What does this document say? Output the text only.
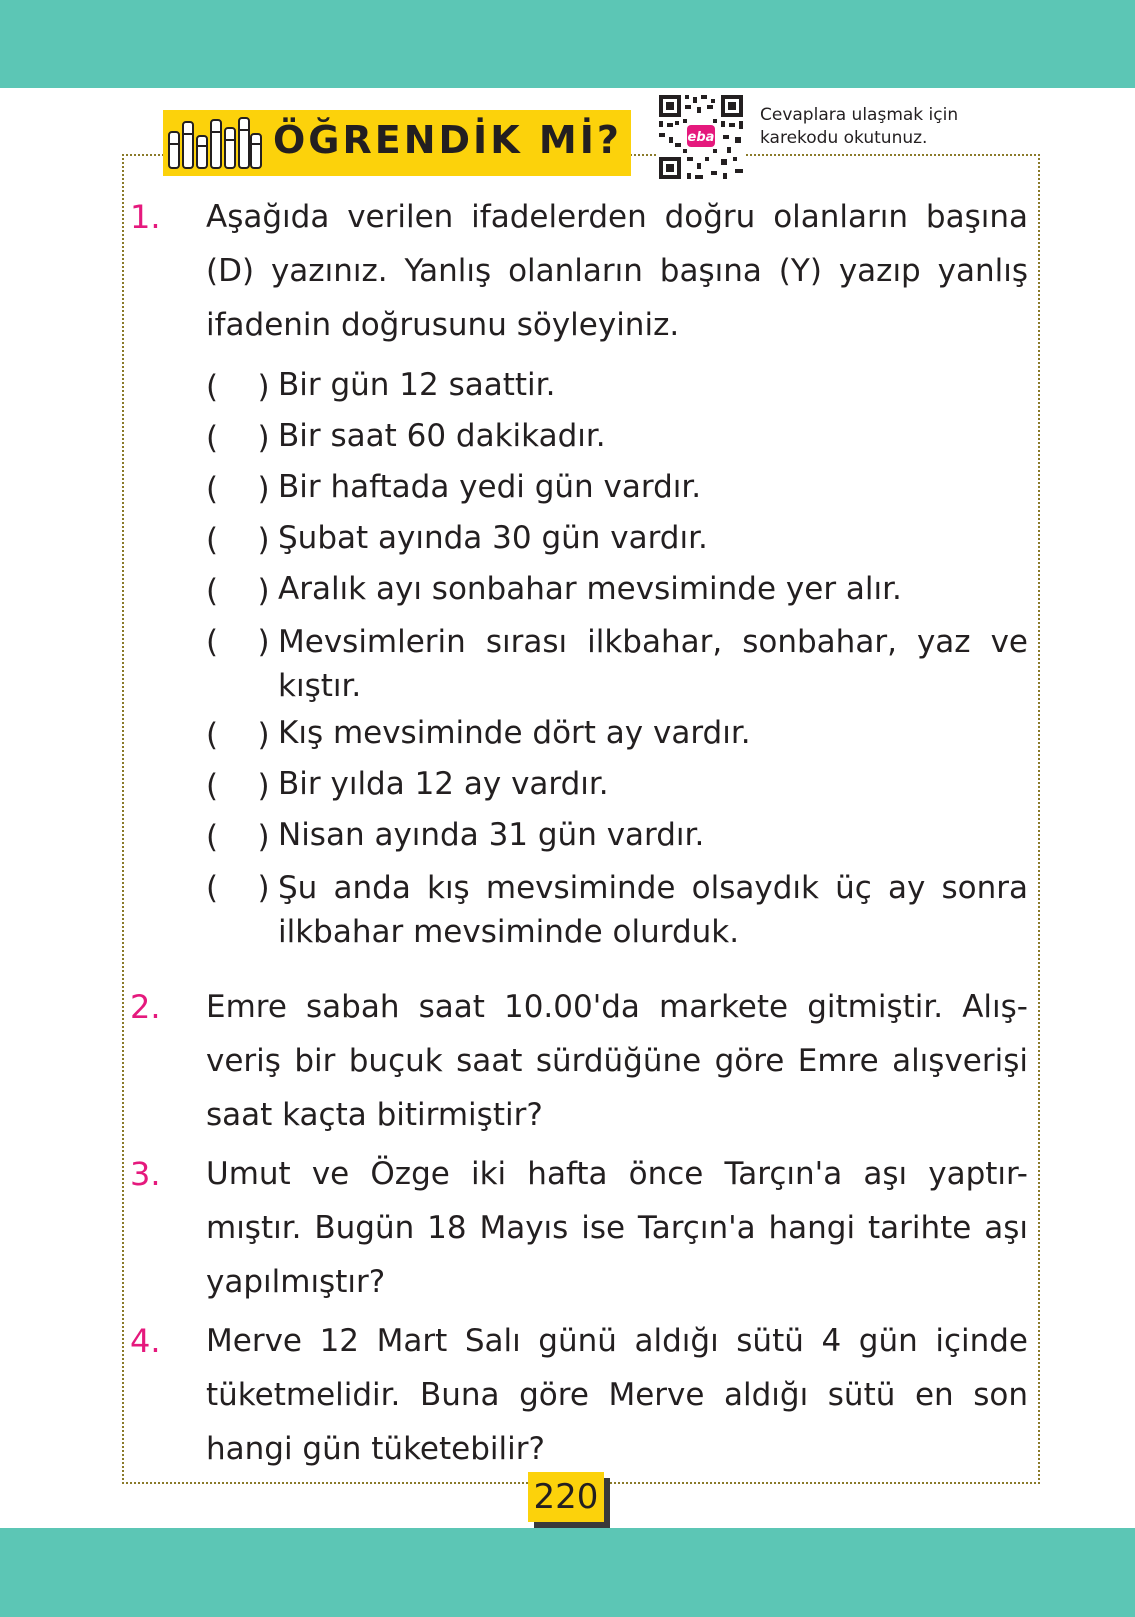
ÖĞRENDİK Mİ?	eba
Cevaplara ulaşmak için
karekodu okutunuz.
1.	Aşağıda verilen ifadelerden doğru olanların başına
(D) yazınız. Yanlış olanların başına (Y) yazıp yanlış
ifadenin doğrusunu söyleyiniz.
(    ) Bir gün 12 saattir.
(    ) Bir saat 60 dakikadır.
(    ) Bir haftada yedi gün vardır.
(    ) Şubat ayında 30 gün vardır.
(    ) Aralık ayı sonbahar mevsiminde yer alır.
(    ) Mevsimlerin sırası ilkbahar, sonbahar, yaz ve
kıştır.
(    ) Kış mevsiminde dört ay vardır.
(    ) Bir yılda 12 ay vardır.
(    ) Nisan ayında 31 gün vardır.
(    ) Şu anda kış mevsiminde olsaydık üç ay sonra
ilkbahar mevsiminde olurduk.
2.	Emre sabah saat 10.00'da markete gitmiştir. Alış-
veriş bir buçuk saat sürdüğüne göre Emre alışverişi
saat kaçta bitirmiştir?
3.	Umut ve Özge iki hafta önce Tarçın'a aşı yaptır-
mıştır. Bugün 18 Mayıs ise Tarçın'a hangi tarihte aşı
yapılmıştır?
4.	Merve 12 Mart Salı günü aldığı sütü 4 gün içinde
tüketmelidir. Buna göre Merve aldığı sütü en son
hangi gün tüketebilir?
220
